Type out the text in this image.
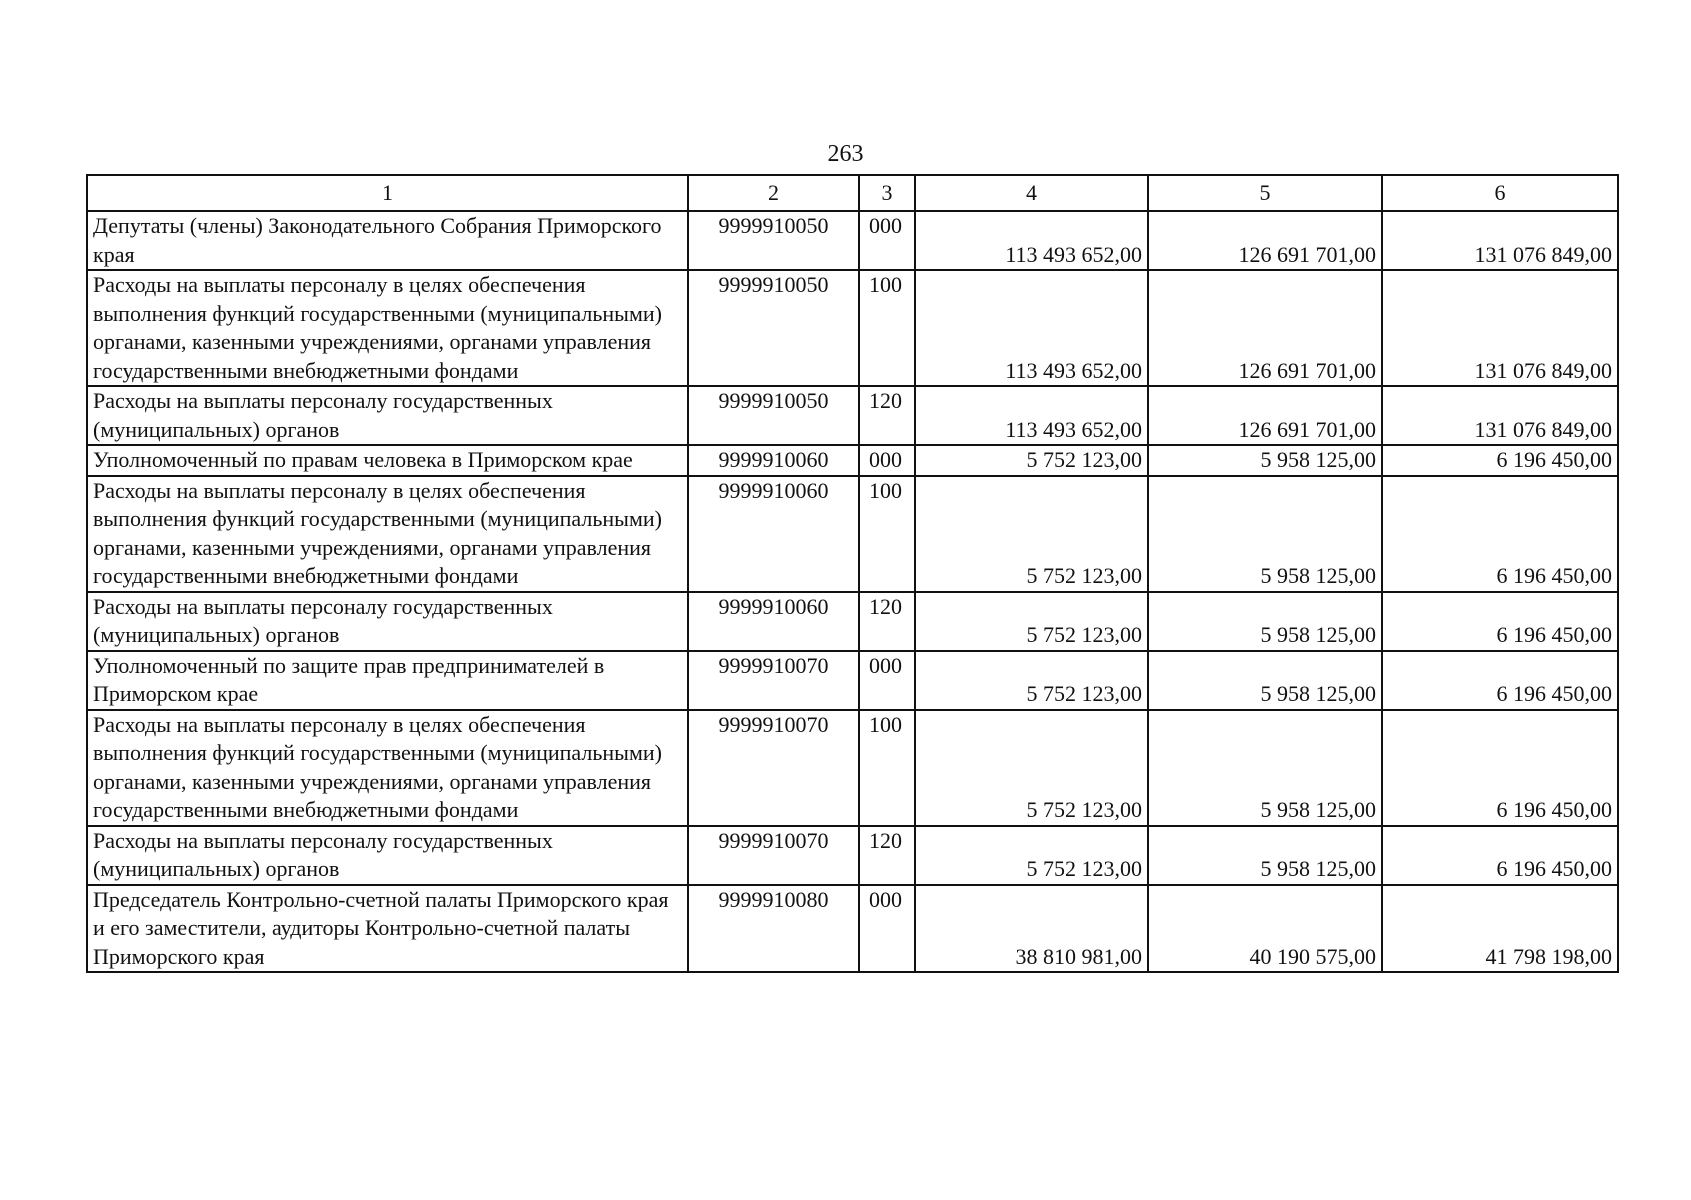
263
1	2	3	4	5	6
Депутаты (члены) Законодательного Собрания Приморского края	9999910050	000	113 493 652,00	126 691 701,00	131 076 849,00
Расходы на выплаты персоналу в целях обеспечения выполнения функций государственными (муниципальными) органами, казенными учреждениями, органами управления государственными внебюджетными фондами	9999910050	100	113 493 652,00	126 691 701,00	131 076 849,00
Расходы на выплаты персоналу государственных (муниципальных) органов	9999910050	120	113 493 652,00	126 691 701,00	131 076 849,00
Уполномоченный по правам человека в Приморском крае	9999910060	000	5 752 123,00	5 958 125,00	6 196 450,00
Расходы на выплаты персоналу в целях обеспечения выполнения функций государственными (муниципальными) органами, казенными учреждениями, органами управления государственными внебюджетными фондами	9999910060	100	5 752 123,00	5 958 125,00	6 196 450,00
Расходы на выплаты персоналу государственных (муниципальных) органов	9999910060	120	5 752 123,00	5 958 125,00	6 196 450,00
Уполномоченный по защите прав предпринимателей в Приморском крае	9999910070	000	5 752 123,00	5 958 125,00	6 196 450,00
Расходы на выплаты персоналу в целях обеспечения выполнения функций государственными (муниципальными) органами, казенными учреждениями, органами управления государственными внебюджетными фондами	9999910070	100	5 752 123,00	5 958 125,00	6 196 450,00
Расходы на выплаты персоналу государственных (муниципальных) органов	9999910070	120	5 752 123,00	5 958 125,00	6 196 450,00
Председатель Контрольно-счетной палаты Приморского края и его заместители, аудиторы Контрольно-счетной палаты Приморского края	9999910080	000	38 810 981,00	40 190 575,00	41 798 198,00
